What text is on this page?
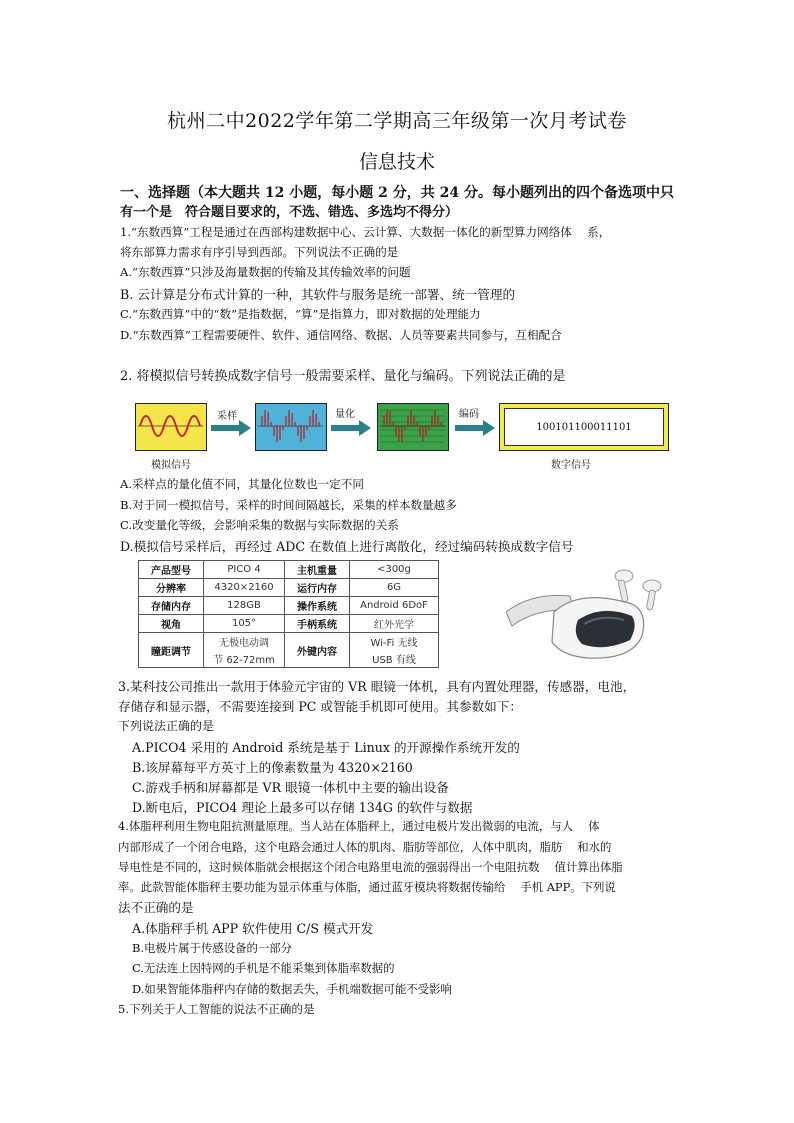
杭州二中2022学年第二学期高三年级第一次月考试卷
信息技术
一、选择题（本大题共 12 小题，每小题 2 分，共 24 分。每小题列出的四个备选项中只
有一个是　符合题目要求的，不选、错选、多选均不得分）
1.“东数西算”工程是通过在西部构建数据中心、云计算、大数据一体化的新型算力网络体　 系，
将东部算力需求有序引导到西部。下列说法不正确的是
A.“东数西算”只涉及海量数据的传输及其传输效率的问题
B. 云计算是分布式计算的一种，其软件与服务是统一部署、统一管理的
C.“东数西算”中的“数”是指数据，“算”是指算力，即对数据的处理能力
D.“东数西算”工程需要硬件、软件、通信网络、数据、人员等要素共同参与，互相配合
2. 将模拟信号转换成数字信号一般需要采样、量化与编码。下列说法正确的是
模拟信号
采样	量化	编码
100101100011101
数字信号
A.采样点的量化值不同，其量化位数也一定不同
B.对于同一模拟信号，采样的时间间隔越长，采集的样本数量越多
C.改变量化等级，会影响采集的数据与实际数据的关系
D.模拟信号采样后，再经过 ADC 在数值上进行离散化，经过编码转换成数字信号
产品型号	PICO 4	主机重量	<300g
分辨率	4320×2160	运行内存	6G
存储内存	128GB	操作系统	Android 6DoF
视角	105°	手柄系统	红外光学
瞳距调节	无极电动调	外键内容	Wi-Fi 无线
	节 62-72mm		USB 有线
3.某科技公司推出一款用于体验元宇宙的 VR 眼镜一体机，具有内置处理器，传感器，电池，
存储存和显示器，不需要连接到 PC 或智能手机即可使用。其参数如下：
下列说法正确的是
A.PICO4 采用的 Android 系统是基于 Linux 的开源操作系统开发的
B.该屏幕每平方英寸上的像素数量为 4320×2160
C.游戏手柄和屏幕都是 VR 眼镜一体机中主要的输出设备
D.断电后，PICO4 理论上最多可以存储 134G 的软件与数据
4.体脂秤利用生物电阻抗测量原理。当人站在体脂秤上，通过电极片发出微弱的电流，与人　 体
内部形成了一个闭合电路，这个电路会通过人体的肌肉、脂肪等部位，人体中肌肉，脂肪　 和水的
导电性是不同的，这时候体脂就会根据这个闭合电路里电流的强弱得出一个电阻抗数　 值计算出体脂
率。此款智能体脂秤主要功能为显示体重与体脂，通过蓝牙模块将数据传输给　 手机 APP。下列说
法不正确的是
A.体脂秤手机 APP 软件使用 C/S 模式开发
B.电极片属于传感设备的一部分
C.无法连上因特网的手机是不能采集到体脂率数据的
D.如果智能体脂秤内存储的数据丢失，手机端数据可能不受影响
5.下列关于人工智能的说法不正确的是
